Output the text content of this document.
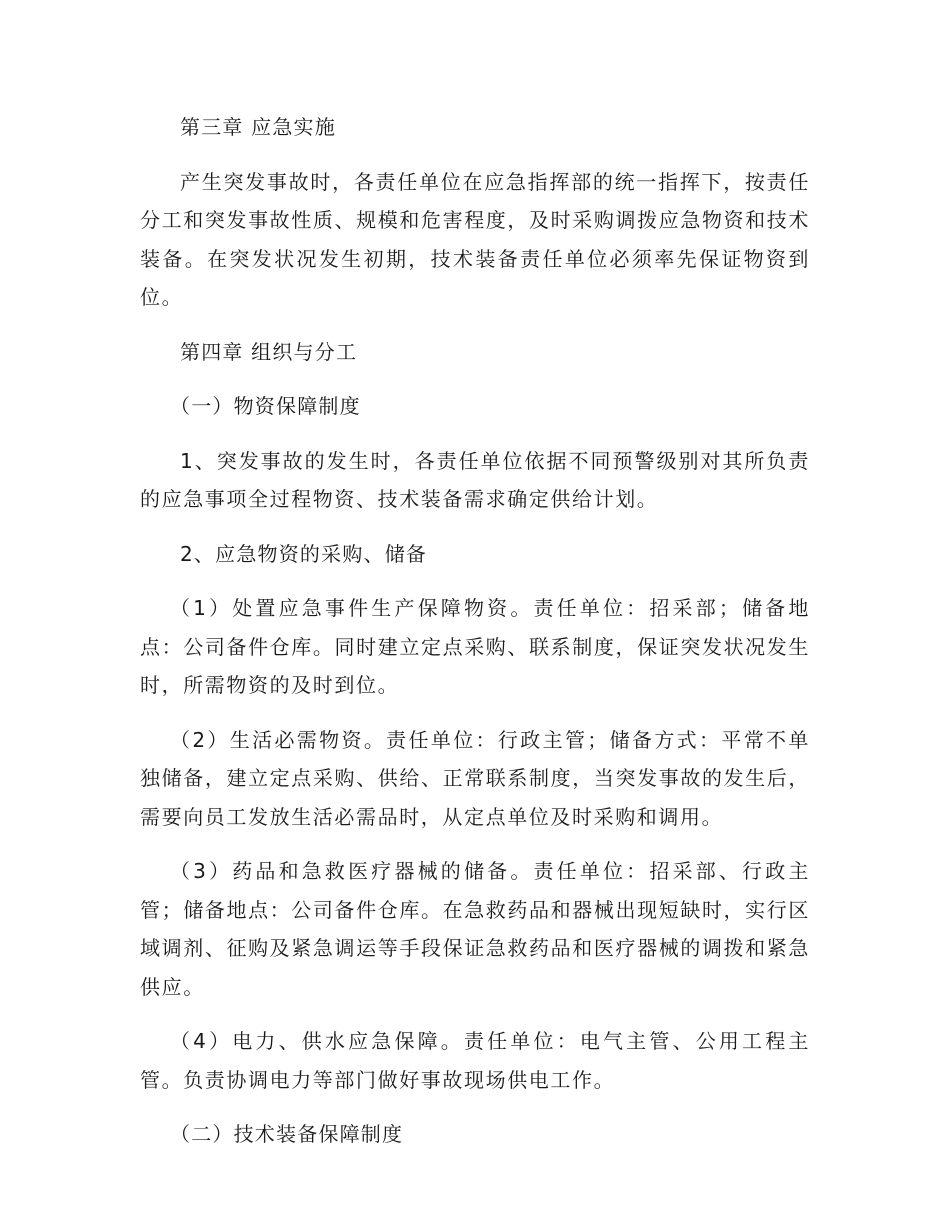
第三章 应急实施

产生突发事故时，各责任单位在应急指挥部的统一指挥下，按责任分工和突发事故性质、规模和危害程度，及时采购调拨应急物资和技术装备。在突发状况发生初期，技术装备责任单位必须率先保证物资到位。

第四章 组织与分工

（一）物资保障制度

1、突发事故的发生时，各责任单位依据不同预警级别对其所负责的应急事项全过程物资、技术装备需求确定供给计划。

2、应急物资的采购、储备

（1）处置应急事件生产保障物资。责任单位：招采部；储备地点：公司备件仓库。同时建立定点采购、联系制度，保证突发状况发生时，所需物资的及时到位。

（2）生活必需物资。责任单位：行政主管；储备方式：平常不单独储备，建立定点采购、供给、正常联系制度，当突发事故的发生后，需要向员工发放生活必需品时，从定点单位及时采购和调用。

（3）药品和急救医疗器械的储备。责任单位：招采部、行政主管；储备地点：公司备件仓库。在急救药品和器械出现短缺时，实行区域调剂、征购及紧急调运等手段保证急救药品和医疗器械的调拨和紧急供应。

（4）电力、供水应急保障。责任单位：电气主管、公用工程主管。负责协调电力等部门做好事故现场供电工作。

（二）技术装备保障制度
